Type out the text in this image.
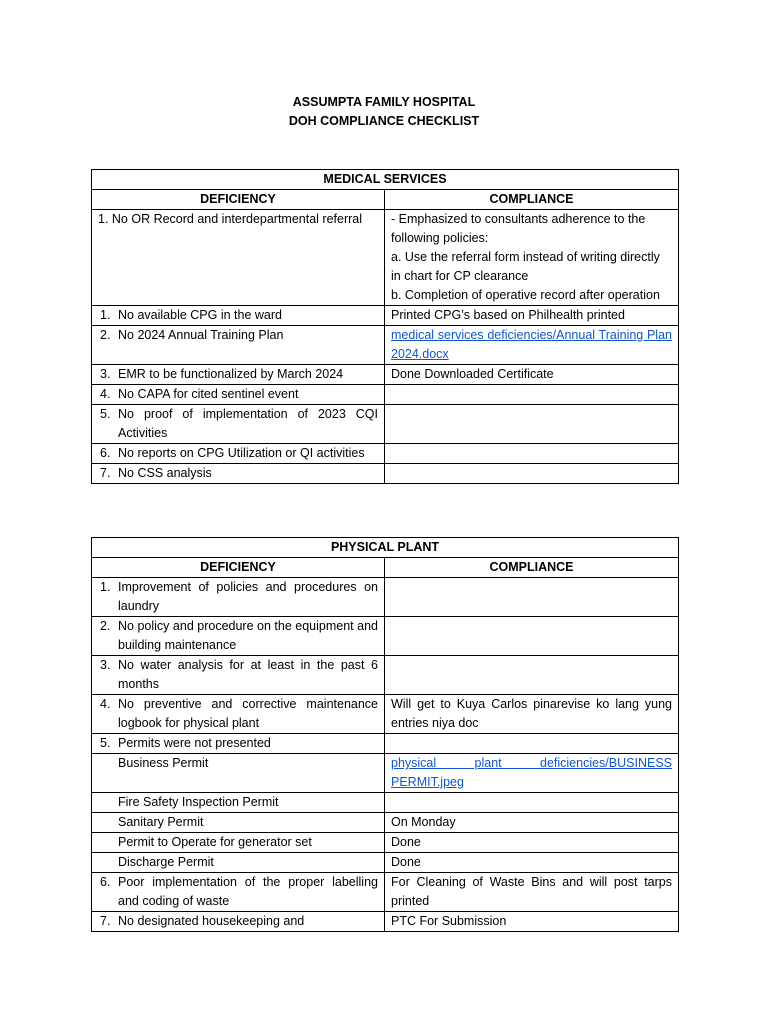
ASSUMPTA FAMILY HOSPITAL
DOH COMPLIANCE CHECKLIST
MEDICAL SERVICES	
DEFICIENCY	COMPLIANCE

1. No OR Record and interdepartmental referral	- Emphasized to consultants adherence to the following policies:
a. Use the referral form instead of writing directly in chart for CP clearance
b. Completion of operative record after operation

1. No available CPG in the ward	Printed CPG’s based on Philhealth printed

2. No 2024 Annual Training Plan	medical services deficiencies/Annual Training Plan 2024.docx

3. EMR to be functionalized by March 2024	Done Downloaded Certificate

4. No CAPA for cited sentinel event	

5. No proof of implementation of 2023 CQI Activities	

6. No reports on CPG Utilization or QI activities	

7. No CSS analysis	

PHYSICAL PLANT	
DEFICIENCY	COMPLIANCE

1. Improvement of policies and procedures on laundry	

2. No policy and procedure on the equipment and building maintenance	

3. No water analysis for at least in the past 6 months	

4. No preventive and corrective maintenance logbook for physical plant	Will get to Kuya Carlos pinarevise ko lang yung entries niya doc

5. Permits were not presented	

Business Permit	physical plant deficiencies/BUSINESS PERMIT.jpeg

Fire Safety Inspection Permit	

Sanitary Permit	On Monday

Permit to Operate for generator set	Done

Discharge Permit	Done

6. Poor implementation of the proper labelling and coding of waste	For Cleaning of Waste Bins and will post tarps printed

7. No designated housekeeping and	PTC For Submission
